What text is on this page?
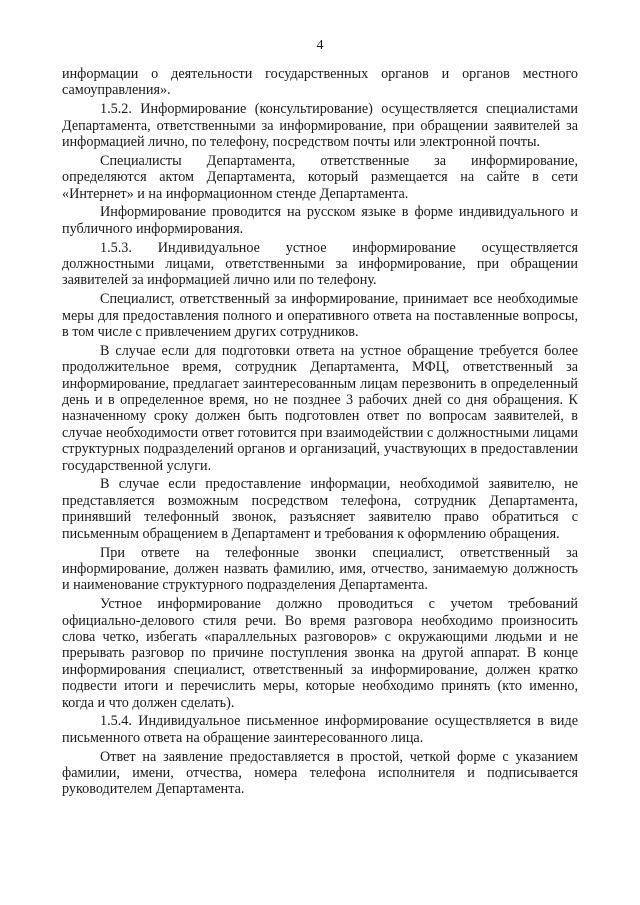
4

информации о деятельности государственных органов и органов местного самоуправления».

1.5.2. Информирование (консультирование) осуществляется специалистами Департамента, ответственными за информирование, при обращении заявителей за информацией лично, по телефону, посредством почты или электронной почты.

Специалисты Департамента, ответственные за информирование, определяются актом Департамента, который размещается на сайте в сети «Интернет» и на информационном стенде Департамента.

Информирование проводится на русском языке в форме индивидуального и публичного информирования.

1.5.3. Индивидуальное устное информирование осуществляется должностными лицами, ответственными за информирование, при обращении заявителей за информацией лично или по телефону.

Специалист, ответственный за информирование, принимает все необходимые меры для предоставления полного и оперативного ответа на поставленные вопросы, в том числе с привлечением других сотрудников.

В случае если для подготовки ответа на устное обращение требуется более продолжительное время, сотрудник Департамента, МФЦ, ответственный за информирование, предлагает заинтересованным лицам перезвонить в определенный день и в определенное время, но не позднее 3 рабочих дней со дня обращения. К назначенному сроку должен быть подготовлен ответ по вопросам заявителей, в случае необходимости ответ готовится при взаимодействии с должностными лицами структурных подразделений органов и организаций, участвующих в предоставлении государственной услуги.

В случае если предоставление информации, необходимой заявителю, не представляется возможным посредством телефона, сотрудник Департамента, принявший телефонный звонок, разъясняет заявителю право обратиться с письменным обращением в Департамент и требования к оформлению обращения.

При ответе на телефонные звонки специалист, ответственный за информирование, должен назвать фамилию, имя, отчество, занимаемую должность и наименование структурного подразделения Департамента.

Устное информирование должно проводиться с учетом требований официально-делового стиля речи. Во время разговора необходимо произносить слова четко, избегать «параллельных разговоров» с окружающими людьми и не прерывать разговор по причине поступления звонка на другой аппарат. В конце информирования специалист, ответственный за информирование, должен кратко подвести итоги и перечислить меры, которые необходимо принять (кто именно, когда и что должен сделать).

1.5.4. Индивидуальное письменное информирование осуществляется в виде письменного ответа на обращение заинтересованного лица.

Ответ на заявление предоставляется в простой, четкой форме с указанием фамилии, имени, отчества, номера телефона исполнителя и подписывается руководителем Департамента.
